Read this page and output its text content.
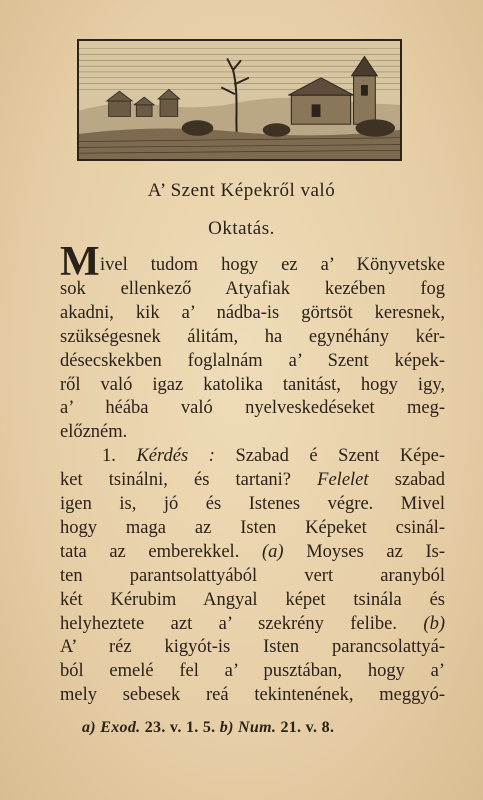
A’ Szent Képekről való
Oktatás.
M ivel tudom hogy ez a’ Könyvetske
sok ellenkező Atyafiak kezében fog
akadni, kik a’ nádba-is görtsöt keresnek,
szükségesnek álitám, ha egynéhány kér-
désecskekben foglalnám a’ Szent képek-
ről való igaz katolika tanitást, hogy igy,
a’ héába való nyelveskedéseket meg-
előzném.
1. Kérdés : Szabad é Szent Képe-
ket tsinálni, és tartani? Felelet szabad
igen is, jó és Istenes végre. Mivel
hogy maga az Isten Képeket csinál-
tata az emberekkel. (a) Moyses az Is-
ten parantsolattyából vert aranyból
két Kérubim Angyal képet tsinála és
helyheztete azt a’ szekrény felibe. (b)
A’ réz kigyót-is Isten parancsolattyá-
ból emelé fel a’ pusztában, hogy a’
a) Exod. 23. v. 1. 5. b) Num. 21. v. 8.
mely sebesek reá tekintenének, meggyó-
